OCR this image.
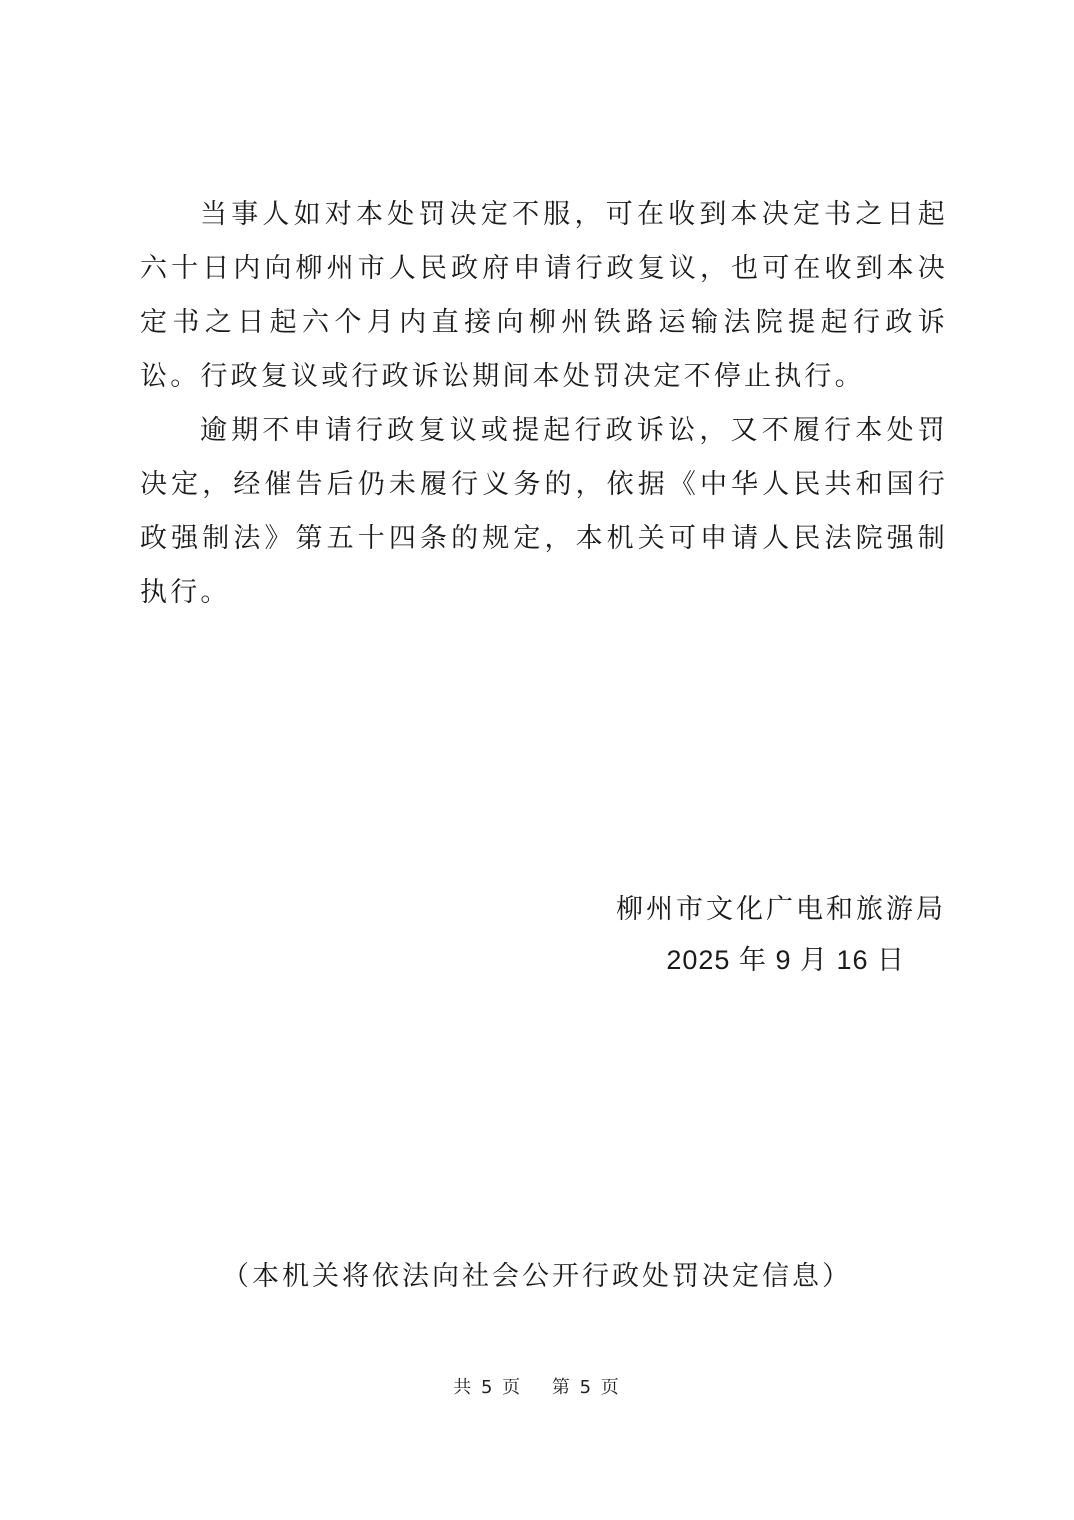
当事人如对本处罚决定不服，可在收到本决定书之日起六十日内向柳州市人民政府申请行政复议，也可在收到本决定书之日起六个月内直接向柳州铁路运输法院提起行政诉讼。行政复议或行政诉讼期间本处罚决定不停止执行。

逾期不申请行政复议或提起行政诉讼，又不履行本处罚决定，经催告后仍未履行义务的，依据《中华人民共和国行政强制法》第五十四条的规定，本机关可申请人民法院强制执行。

柳州市文化广电和旅游局
2025 年 9 月 16 日
（本机关将依法向社会公开行政处罚决定信息）
共 5 页 第 5 页
